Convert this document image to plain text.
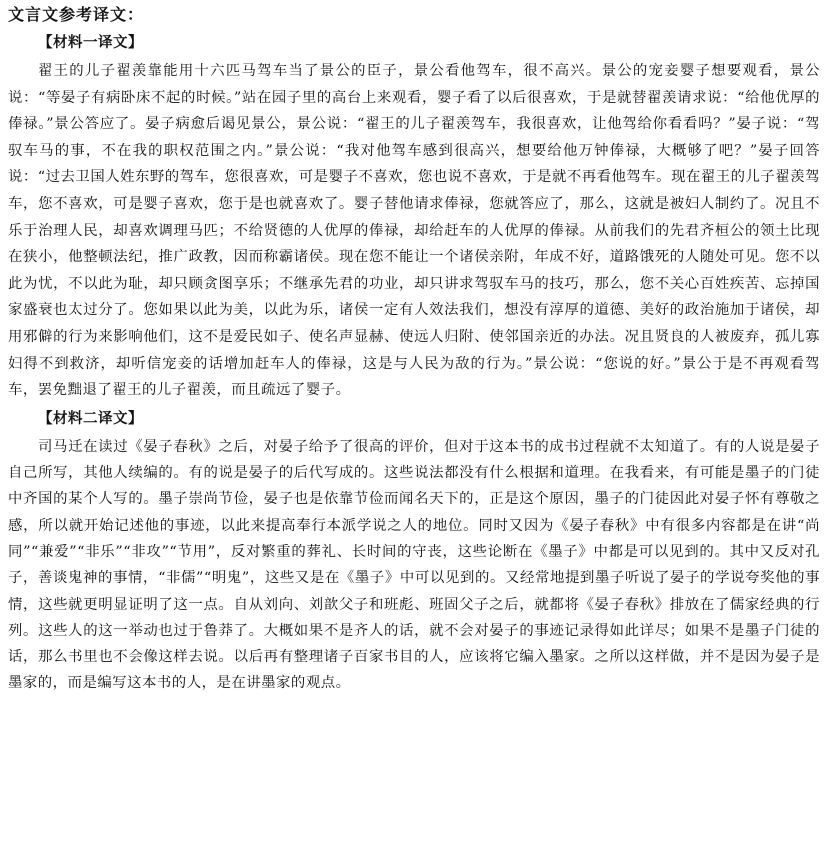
文言文参考译文：
【材料一译文】

翟王的儿子翟羡靠能用十六匹马驾车当了景公的臣子，景公看他驾车，很不高兴。景公的宠妾婴子想要观看，景公说：“等晏子有病卧床不起的时候。”站在园子里的高台上来观看，婴子看了以后很喜欢，于是就替翟羡请求说：“给他优厚的俸禄。”景公答应了。晏子病愈后谒见景公，景公说：“翟王的儿子翟羡驾车，我很喜欢，让他驾给你看看吗？”晏子说：“驾驭车马的事，不在我的职权范围之内。”景公说：“我对他驾车感到很高兴，想要给他万钟俸禄，大概够了吧？”晏子回答说：“过去卫国人姓东野的驾车，您很喜欢，可是婴子不喜欢，您也说不喜欢，于是就不再看他驾车。现在翟王的儿子翟羡驾车，您不喜欢，可是婴子喜欢，您于是也就喜欢了。婴子替他请求俸禄，您就答应了，那么，这就是被妇人制约了。况且不乐于治理人民，却喜欢调理马匹；不给贤德的人优厚的俸禄，却给赶车的人优厚的俸禄。从前我们的先君齐桓公的领土比现在狭小，他整顿法纪，推广政教，因而称霸诸侯。现在您不能让一个诸侯亲附，年成不好，道路饿死的人随处可见。您不以此为忧，不以此为耻，却只顾贪图享乐；不继承先君的功业，却只讲求驾驭车马的技巧，那么，您不关心百姓疾苦、忘掉国家盛衰也太过分了。您如果以此为美，以此为乐，诸侯一定有人效法我们，想没有淳厚的道德、美好的政治施加于诸侯，却用邪僻的行为来影响他们，这不是爱民如子、使名声显赫、使远人归附、使邻国亲近的办法。况且贤良的人被废弃，孤儿寡妇得不到救济，却听信宠妾的话增加赶车人的俸禄，这是与人民为敌的行为。”景公说：“您说的好。”景公于是不再观看驾车，罢免黜退了翟王的儿子翟羡，而且疏远了婴子。

【材料二译文】

司马迁在读过《晏子春秋》之后，对晏子给予了很高的评价，但对于这本书的成书过程就不太知道了。有的人说是晏子自己所写，其他人续编的。有的说是晏子的后代写成的。这些说法都没有什么根据和道理。在我看来，有可能是墨子的门徒中齐国的某个人写的。墨子崇尚节俭，晏子也是依靠节俭而闻名天下的，正是这个原因，墨子的门徒因此对晏子怀有尊敬之感，所以就开始记述他的事迹，以此来提高奉行本派学说之人的地位。同时又因为《晏子春秋》中有很多内容都是在讲“尚同”“兼爱”“非乐”“非攻”“节用”，反对繁重的葬礼、长时间的守丧，这些论断在《墨子》中都是可以见到的。其中又反对孔子，善谈鬼神的事情，“非儒”“明鬼”，这些又是在《墨子》中可以见到的。又经常地提到墨子听说了晏子的学说夸奖他的事情，这些就更明显证明了这一点。自从刘向、刘歆父子和班彪、班固父子之后，就都将《晏子春秋》排放在了儒家经典的行列。这些人的这一举动也过于鲁莽了。大概如果不是齐人的话，就不会对晏子的事迹记录得如此详尽；如果不是墨子门徒的话，那么书里也不会像这样去说。以后再有整理诸子百家书目的人，应该将它编入墨家。之所以这样做，并不是因为晏子是墨家的，而是编写这本书的人，是在讲墨家的观点。
